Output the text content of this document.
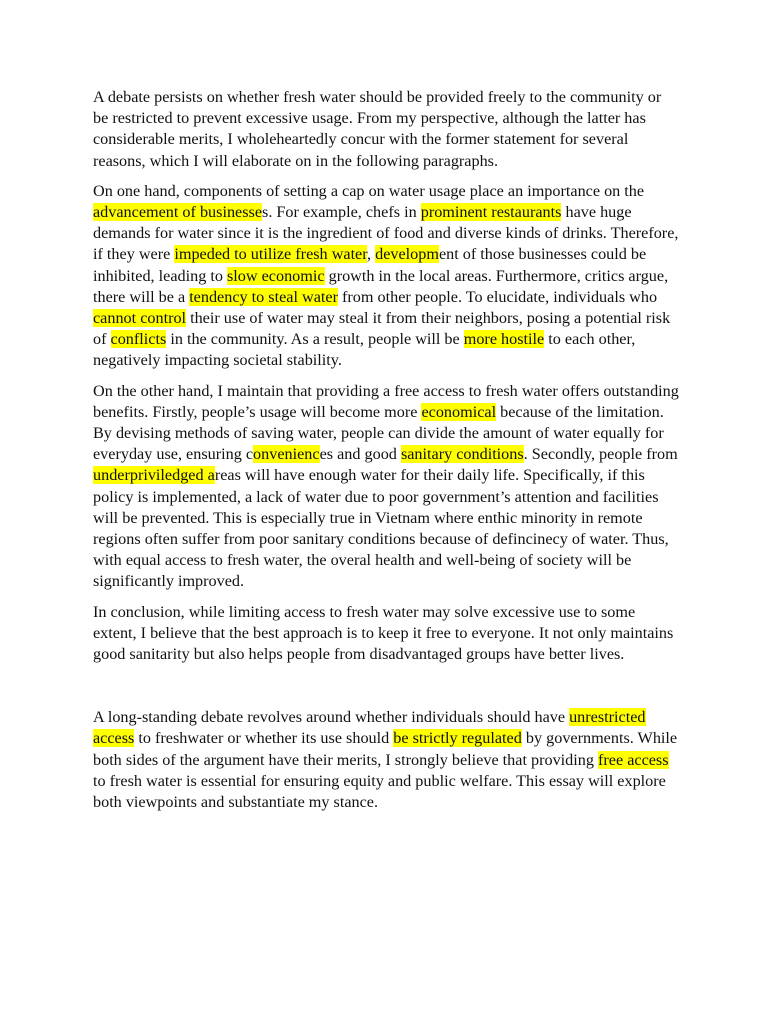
A debate persists on whether fresh water should be provided freely to the community or be restricted to prevent excessive usage. From my perspective, although the latter has considerable merits, I wholeheartedly concur with the former statement for several reasons, which I will elaborate on in the following paragraphs.

On one hand, components of setting a cap on water usage place an importance on the advancement of businesses. For example, chefs in prominent restaurants have huge demands for water since it is the ingredient of food and diverse kinds of drinks. Therefore, if they were impeded to utilize fresh water, development of those businesses could be inhibited, leading to slow economic growth in the local areas. Furthermore, critics argue, there will be a tendency to steal water from other people. To elucidate, individuals who cannot control their use of water may steal it from their neighbors, posing a potential risk of conflicts in the community. As a result, people will be more hostile to each other, negatively impacting societal stability.

On the other hand, I maintain that providing a free access to fresh water offers outstanding benefits. Firstly, people’s usage will become more economical because of the limitation. By devising methods of saving water, people can divide the amount of water equally for everyday use, ensuring conveniences and good sanitary conditions. Secondly, people from underpriviledged areas will have enough water for their daily life. Specifically, if this policy is implemented, a lack of water due to poor government’s attention and facilities will be prevented. This is especially true in Vietnam where enthic minority in remote regions often suffer from poor sanitary conditions because of defincinecy of water. Thus, with equal access to fresh water, the overal health and well-being of society will be significantly improved.

In conclusion, while limiting access to fresh water may solve excessive use to some extent, I believe that the best approach is to keep it free to everyone. It not only maintains good sanitarity but also helps people from disadvantaged groups have better lives.

A long-standing debate revolves around whether individuals should have unrestricted access to freshwater or whether its use should be strictly regulated by governments. While both sides of the argument have their merits, I strongly believe that providing free access to fresh water is essential for ensuring equity and public welfare. This essay will explore both viewpoints and substantiate my stance.
